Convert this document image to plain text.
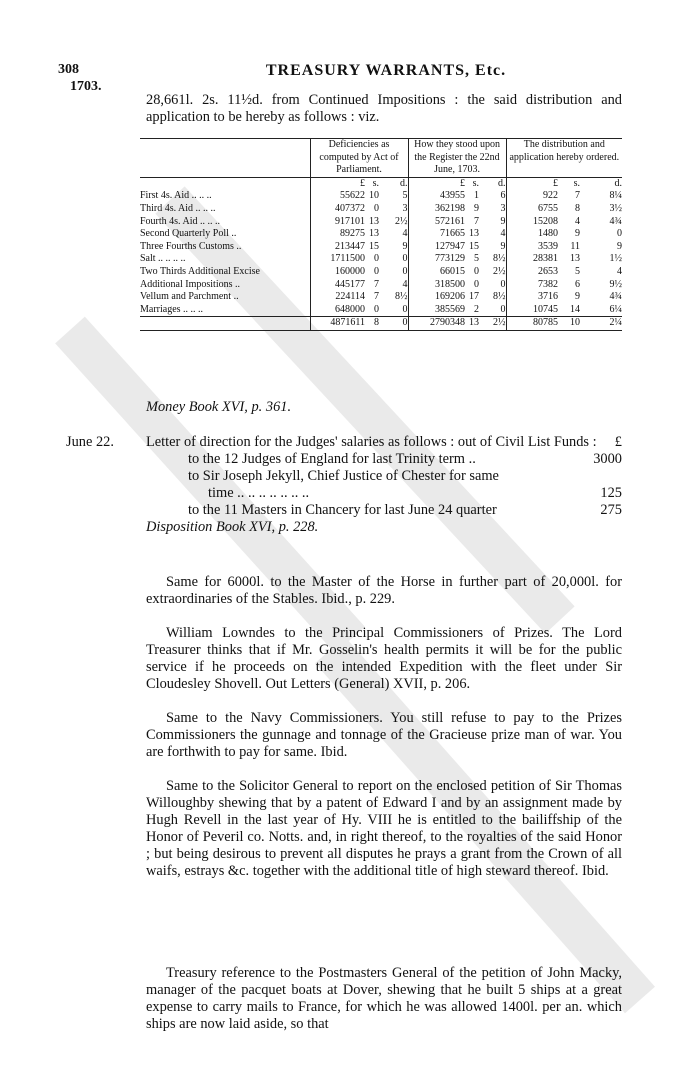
308
1703.
TREASURY WARRANTS, Etc.

28,661l. 2s. 11½d. from Continued Impositions : the said distribution and application to be hereby as follows : viz.

	Deficiencies as computed by Act of Parliament.			How they stood upon the Register the 22nd June, 1703.			The distribution and application hereby ordered.		
	£	s.	d.	£	s.	d.	£	s.	d.
First 4s. Aid .. .. ..	55622	10	5	43955	1	6	922	7	8¼
Third 4s. Aid .. .. ..	407372	0	3	362198	9	3	6755	8	3½
Fourth 4s. Aid .. .. ..	917101	13	2½	572161	7	9	15208	4	4¾
Second Quarterly Poll ..	89275	13	4	71665	13	4	1480	9	0
Three Fourths Customs ..	213447	15	9	127947	15	9	3539	11	9
Salt .. .. .. ..	1711500	0	0	773129	5	8½	28381	13	1½
Two Thirds Additional Excise	160000	0	0	66015	0	2½	2653	5	4
Additional Impositions ..	445177	7	4	318500	0	0	7382	6	9½
Vellum and Parchment ..	224114	7	8½	169206	17	8½	3716	9	4¾
Marriages .. .. ..	648000	0	0	385569	2	0	10745	14	6¼
	4871611	8	0	2790348	13	2½	80785	10	2¼
Money Book XVI, p. 361.
June 22. Letter of direction for the Judges' salaries as follows : out of Civil List Funds : £
to the 12 Judges of England for last Trinity term ..	3000
to Sir Joseph Jekyll, Chief Justice of Chester for same
time .. .. .. .. .. .. ..	125
to the 11 Masters in Chancery for last June 24 quarter	275
Disposition Book XVI, p. 228.

Same for 6000l. to the Master of the Horse in further part of 20,000l. for extraordinaries of the Stables. Ibid., p. 229.

William Lowndes to the Principal Commissioners of Prizes. The Lord Treasurer thinks that if Mr. Gosselin's health permits it will be for the public service if he proceeds on the intended Expedition with the fleet under Sir Cloudesley Shovell. Out Letters (General) XVII, p. 206.

Same to the Navy Commissioners. You still refuse to pay to the Prizes Commissioners the gunnage and tonnage of the Gracieuse prize man of war. You are forthwith to pay for same. Ibid.

Same to the Solicitor General to report on the enclosed petition of Sir Thomas Willoughby shewing that by a patent of Edward I and by an assignment made by Hugh Revell in the last year of Hy. VIII he is entitled to the bailiffship of the Honor of Peveril co. Notts. and, in right thereof, to the royalties of the said Honor ; but being desirous to prevent all disputes he prays a grant from the Crown of all waifs, estrays &c. together with the additional title of high steward thereof. Ibid.

Treasury reference to the Postmasters General of the petition of John Macky, manager of the pacquet boats at Dover, shewing that he built 5 ships at a great expense to carry mails to France, for which he was allowed 1400l. per an. which ships are now laid aside, so that
